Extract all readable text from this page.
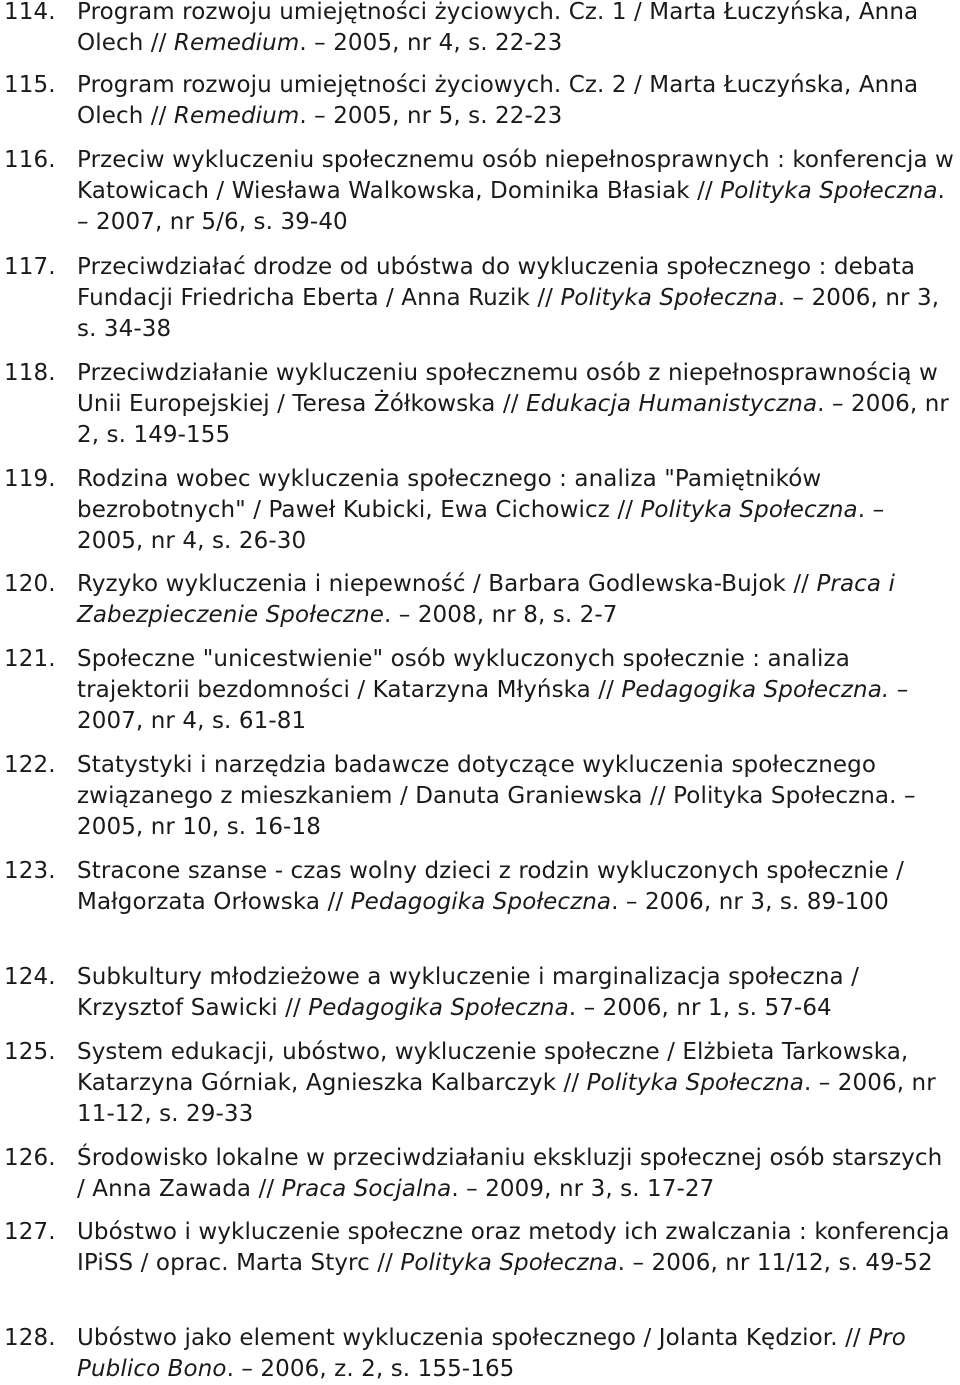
114. Program rozwoju umiejętności życiowych. Cz. 1 / Marta Łuczyńska, Anna Olech // Remedium. – 2005, nr 4, s. 22-23
115. Program rozwoju umiejętności życiowych. Cz. 2 / Marta Łuczyńska, Anna Olech // Remedium. – 2005, nr 5, s. 22-23
116. Przeciw wykluczeniu społecznemu osób niepełnosprawnych : konferencja w Katowicach / Wiesława Walkowska, Dominika Błasiak // Polityka Społeczna. – 2007, nr 5/6, s. 39-40
117. Przeciwdziałać drodze od ubóstwa do wykluczenia społecznego : debata Fundacji Friedricha Eberta / Anna Ruzik // Polityka Społeczna. – 2006, nr 3, s. 34-38
118. Przeciwdziałanie wykluczeniu społecznemu osób z niepełnosprawnością w Unii Europejskiej / Teresa Żółkowska // Edukacja Humanistyczna. – 2006, nr 2, s. 149-155
119. Rodzina wobec wykluczenia społecznego : analiza "Pamiętników bezrobotnych" / Paweł Kubicki, Ewa Cichowicz // Polityka Społeczna. – 2005, nr 4, s. 26-30
120. Ryzyko wykluczenia i niepewność / Barbara Godlewska-Bujok // Praca i Zabezpieczenie Społeczne. – 2008, nr 8, s. 2-7
121. Społeczne "unicestwienie" osób wykluczonych społecznie : analiza trajektorii bezdomności / Katarzyna Młyńska // Pedagogika Społeczna. – 2007, nr 4, s. 61-81
122. Statystyki i narzędzia badawcze dotyczące wykluczenia społecznego związanego z mieszkaniem / Danuta Graniewska // Polityka Społeczna. – 2005, nr 10, s. 16-18
123. Stracone szanse - czas wolny dzieci z rodzin wykluczonych społecznie / Małgorzata Orłowska // Pedagogika Społeczna. – 2006, nr 3, s. 89-100
124. Subkultury młodzieżowe a wykluczenie i marginalizacja społeczna / Krzysztof Sawicki // Pedagogika Społeczna. – 2006, nr 1, s. 57-64
125. System edukacji, ubóstwo, wykluczenie społeczne / Elżbieta Tarkowska, Katarzyna Górniak, Agnieszka Kalbarczyk // Polityka Społeczna. – 2006, nr 11-12, s. 29-33
126. Środowisko lokalne w przeciwdziałaniu ekskluzji społecznej osób starszych / Anna Zawada // Praca Socjalna. – 2009, nr 3, s. 17-27
127. Ubóstwo i wykluczenie społeczne oraz metody ich zwalczania : konferencja IPiSS / oprac. Marta Styrc // Polityka Społeczna. – 2006, nr 11/12, s. 49-52
128. Ubóstwo jako element wykluczenia społecznego / Jolanta Kędzior. // Pro Publico Bono. – 2006, z. 2, s. 155-165
